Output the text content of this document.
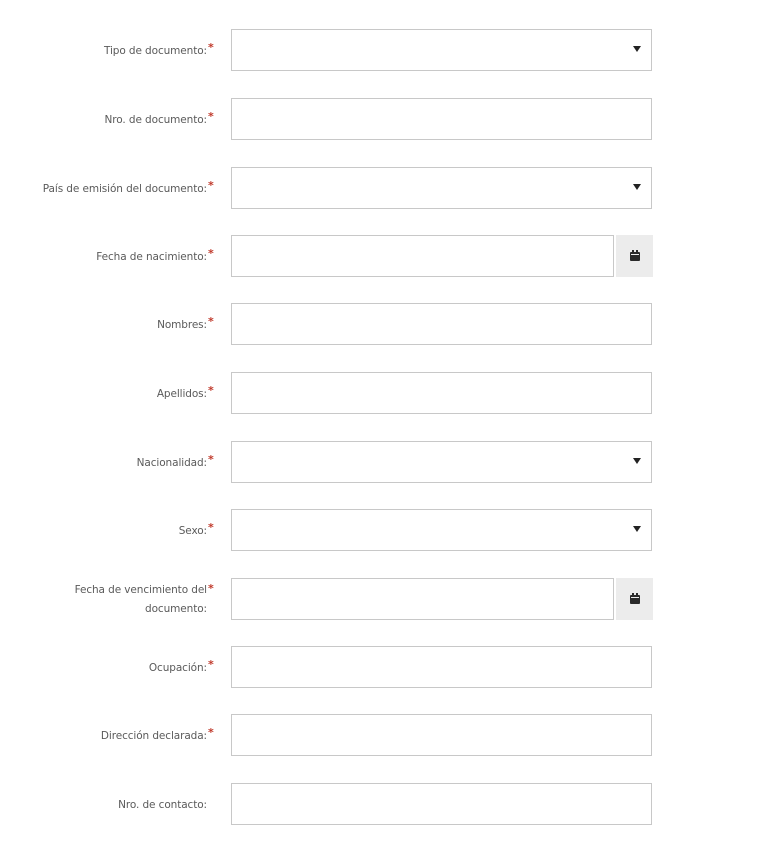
Tipo de documento: *
Nro. de documento: *
País de emisión del documento: *
Fecha de nacimiento: *
Nombres: *
Apellidos: *
Nacionalidad: *
Sexo: *
Fecha de vencimiento del documento:
*
Ocupación: *
Dirección declarada: *
Nro. de contacto:
